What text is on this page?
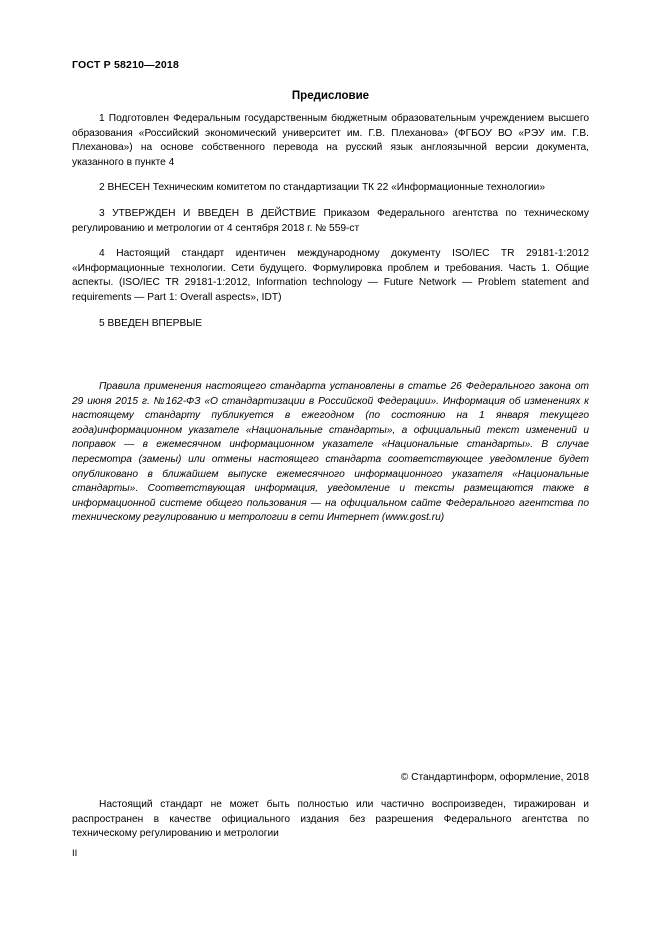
ГОСТ Р 58210—2018
Предисловие

1 Подготовлен Федеральным государственным бюджетным образовательным учреждением высшего образования «Российский экономический университет им. Г.В. Плеханова» (ФГБОУ ВО «РЭУ им. Г.В. Плеханова») на основе собственного перевода на русский язык англоязычной версии документа, указанного в пункте 4

2 ВНЕСЕН Техническим комитетом по стандартизации ТК 22 «Информационные технологии»

3 УТВЕРЖДЕН И ВВЕДЕН В ДЕЙСТВИЕ Приказом Федерального агентства по техническому регулированию и метрологии от 4 сентября 2018 г. № 559-ст

4 Настоящий стандарт идентичен международному документу ISO/IEC TR 29181-1:2012 «Информационные технологии. Сети будущего. Формулировка проблем и требования. Часть 1. Общие аспекты. (ISO/IEC TR 29181-1:2012, Information technology — Future Network — Problem statement and requirements — Part 1: Overall aspects», IDT)

5 ВВЕДЕН ВПЕРВЫЕ

Правила применения настоящего стандарта установлены в статье 26 Федерального закона от 29 июня 2015 г. №162-ФЗ «О стандартизации в Российской Федерации». Информация об изменениях к настоящему стандарту публикуется в ежегодном (по состоянию на 1 января текущего года)информационном указателе «Национальные стандарты», а официальный текст изменений и поправок — в ежемесячном информационном указателе «Национальные стандарты». В случае пересмотра (замены) или отмены настоящего стандарта соответствующее уведомление будет опубликовано в ближайшем выпуске ежемесячного информационного указателя «Национальные стандарты». Соответствующая информация, уведомление и тексты размещаются также в информационной системе общего пользования — на официальном сайте Федерального агентства по техническому регулированию и метрологии в сети Интернет (www.gost.ru)

© Стандартинформ, оформление, 2018

Настоящий стандарт не может быть полностью или частично воспроизведен, тиражирован и распространен в качестве официального издания без разрешения Федерального агентства по техническому регулированию и метрологии

II
